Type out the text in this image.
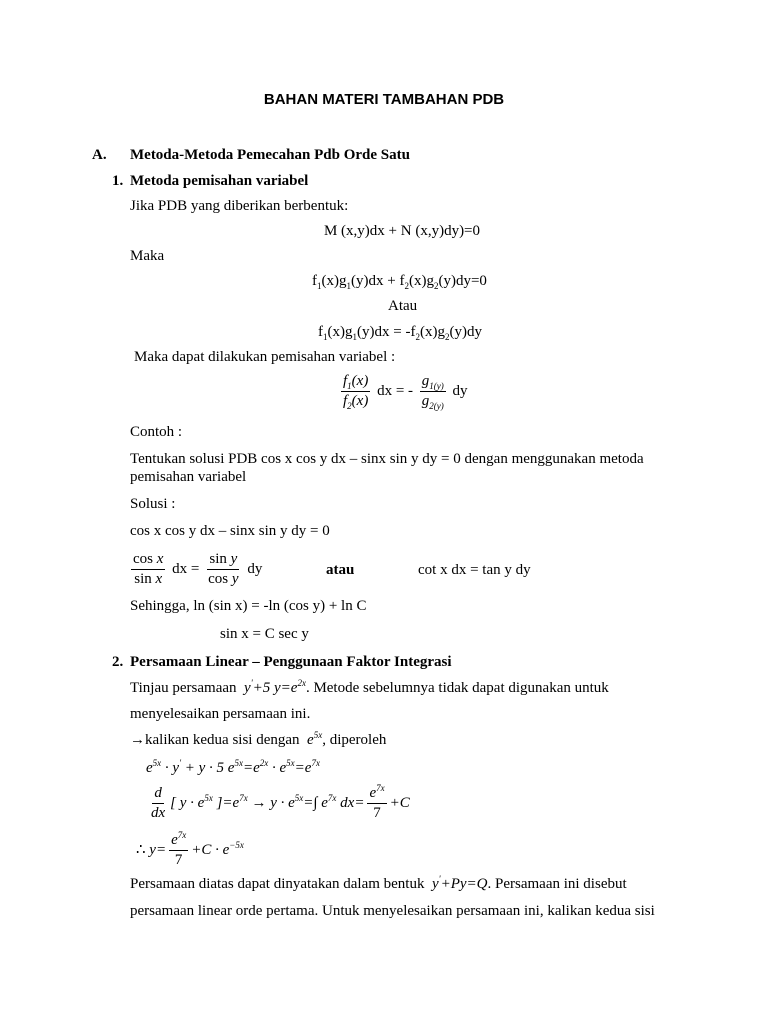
BAHAN MATERI TAMBAHAN PDB
A. Metoda-Metoda Pemecahan Pdb Orde Satu
1. Metoda pemisahan variabel
Jika PDB yang diberikan berbentuk:
M (x,y)dx + N (x,y)dy)=0
Maka
$f_1(x)g_1(y)dx + f_2(x)g_2(y)dy=0$
Atau
$f_1(x)g_1(y)dx = -f_2(x)g_2(y)dy$
Maka dapat dilakukan pemisahan variabel :
$\frac{f_1(x)}{f_2(x)}$ dx = - $\frac{g_{1(y)}}{g_{2(y)}}$ dy
Contoh :
Tentukan solusi PDB cos x cos y dx – sinx sin y dy = 0 dengan menggunakan metoda
pemisahan variabel
Solusi :
cos x cos y dx – sinx sin y dy = 0
$\frac{\text{cos x}}{\text{sin x}}$ dx = $\frac{\text{sin y}}{\text{cos y}}$ dy	atau	cot x dx = tan y dy
Sehingga, ln (sin x) = -ln (cos y) + ln C
sin x = C sec y
2. Persamaan Linear – Penggunaan Faktor Integrasi
Tinjau persamaan  y'+5 $y=e^{2x}$. Metode sebelumnya tidak dapat digunakan untuk
menyelesaikan persamaan ini.
→kalikan kedua sisi dengan  $e^{5x}$, diperoleh
$e^{5x} \cdot y' + y \cdot 5$ $e^{5x}=e^{2x} \cdot e^{5x}=e^{7x}$
$\frac{d}{dx}$ [ $y \cdot e^{5x}$ ]$=e^{7x} \to y \cdot e^{5x}=\int$ $e^{7x}$ $dx= \frac{e^{7x}}{7} +C$
∴ $y= \frac{e^{7x}}{7} +C \cdot e^{-5x}$
Persamaan diatas dapat dinyatakan dalam bentuk  y'+Py=Q. Persamaan ini disebut
persamaan linear orde pertama. Untuk menyelesaikan persamaan ini, kalikan kedua sisi
